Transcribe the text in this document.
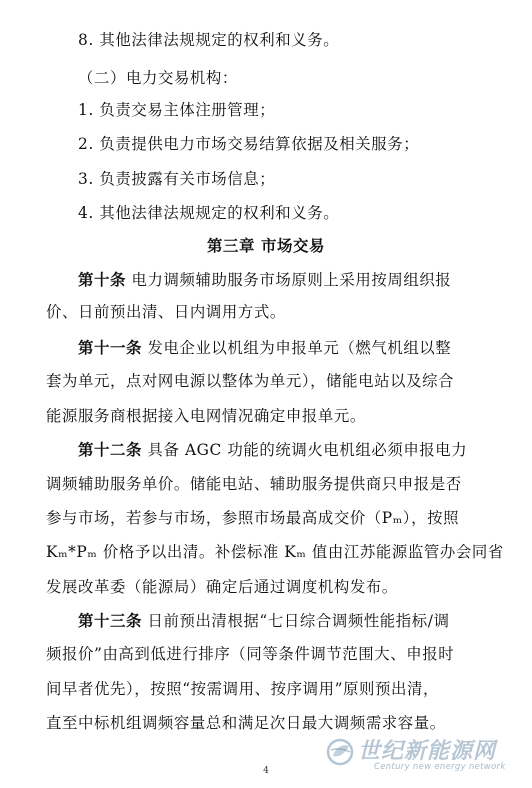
8. 其他法律法规规定的权利和义务。
（二）电力交易机构：
1. 负责交易主体注册管理；
2. 负责提供电力市场交易结算依据及相关服务；
3. 负责披露有关市场信息；
4. 其他法律法规规定的权利和义务。
第三章 市场交易
第十条 电力调频辅助服务市场原则上采用按周组织报
价、日前预出清、日内调用方式。
第十一条 发电企业以机组为申报单元（燃气机组以整
套为单元，点对网电源以整体为单元），储能电站以及综合
能源服务商根据接入电网情况确定申报单元。
第十二条 具备 AGC 功能的统调火电机组必须申报电力
调频辅助服务单价。储能电站、辅助服务提供商只申报是否
参与市场，若参与市场，参照市场最高成交价（Pₘ），按照
Kₘ*Pₘ 价格予以出清。补偿标准 Kₘ 值由江苏能源监管办会同省
发展改革委（能源局）确定后通过调度机构发布。
第十三条 日前预出清根据“七日综合调频性能指标/调
频报价”由高到低进行排序（同等条件调节范围大、申报时
间早者优先），按照“按需调用、按序调用”原则预出清，
直至中标机组调频容量总和满足次日最大调频需求容量。
4
世纪新能源网
Century new energy network
